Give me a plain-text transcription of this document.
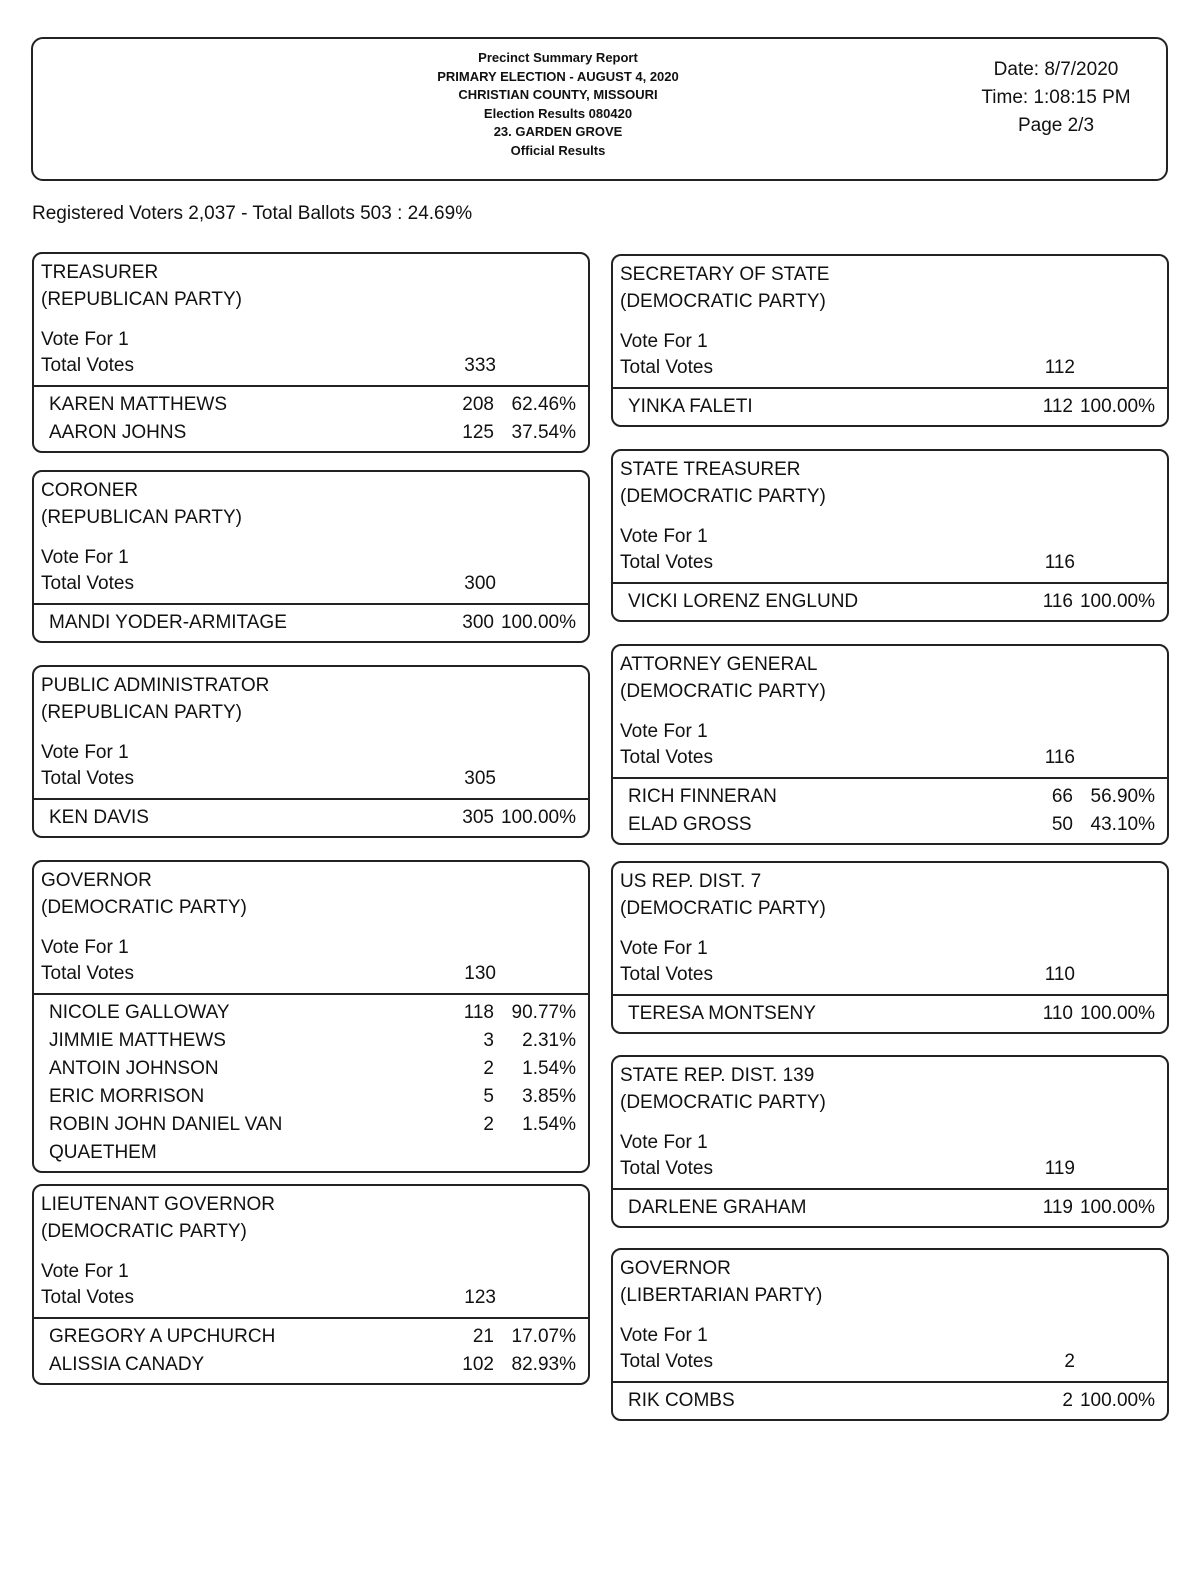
Precinct Summary Report
PRIMARY ELECTION - AUGUST 4, 2020
CHRISTIAN COUNTY, MISSOURI
Election Results 080420
23. GARDEN GROVE
Official Results
Date: 8/7/2020
Time: 1:08:15 PM
Page 2/3
Registered Voters 2,037 - Total Ballots 503 : 24.69%
TREASURER
(REPUBLICAN PARTY)
Vote For 1
Total Votes	333
KAREN MATTHEWS	208 62.46%
AARON JOHNS	125 37.54%
CORONER
(REPUBLICAN PARTY)
Vote For 1
Total Votes	300
MANDI YODER-ARMITAGE	300 100.00%
PUBLIC ADMINISTRATOR
(REPUBLICAN PARTY)
Vote For 1
Total Votes	305
KEN DAVIS	305 100.00%
GOVERNOR
(DEMOCRATIC PARTY)
Vote For 1
Total Votes	130
NICOLE GALLOWAY	118 90.77%
JIMMIE MATTHEWS	3	2.31%
ANTOIN JOHNSON	2	1.54%
ERIC MORRISON	5	3.85%
ROBIN JOHN DANIEL VAN QUAETHEM
2	1.54%
LIEUTENANT GOVERNOR
(DEMOCRATIC PARTY)
Vote For 1
Total Votes	123
GREGORY A UPCHURCH	21 17.07%
ALISSIA CANADY	102 82.93%
SECRETARY OF STATE
(DEMOCRATIC PARTY)
Vote For 1
Total Votes	112
YINKA FALETI	112 100.00%
STATE TREASURER
(DEMOCRATIC PARTY)
Vote For 1
Total Votes	116
VICKI LORENZ ENGLUND	116 100.00%
ATTORNEY GENERAL
(DEMOCRATIC PARTY)
Vote For 1
Total Votes	116
RICH FINNERAN	66 56.90%
ELAD GROSS	50 43.10%
US REP. DIST. 7
(DEMOCRATIC PARTY)
Vote For 1
Total Votes	110
TERESA MONTSENY	110 100.00%
STATE REP. DIST. 139
(DEMOCRATIC PARTY)
Vote For 1
Total Votes	119
DARLENE GRAHAM	119 100.00%
GOVERNOR
(LIBERTARIAN PARTY)
Vote For 1
Total Votes	2
RIK COMBS	2 100.00%
